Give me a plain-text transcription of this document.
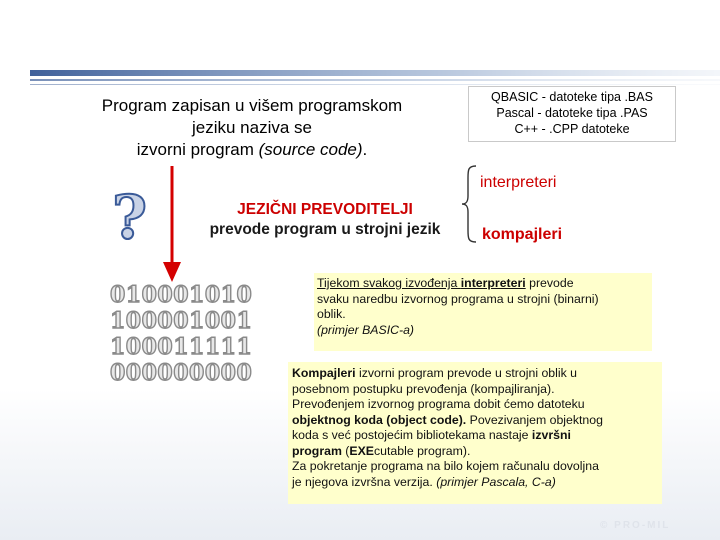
Program zapisan u višem programskom
jeziku naziva se
izvorni program (source code).
QBASIC - datoteke tipa .BAS
Pascal - datoteke tipa .PAS
C++ - .CPP datoteke
interpreteri
kompajleri
JEZIČNI PREVODITELJI
prevode program u strojni jezik
?
010001010
100001001
100011111
000000000
Tijekom svakog izvođenja interpreteri prevode
svaku naredbu izvornog programa u strojni (binarni)
oblik.
(primjer BASIC-a)
Kompajleri izvorni program prevode u strojni oblik u
posebnom postupku prevođenja (kompajliranja).
Prevođenjem izvornog programa dobit ćemo datoteku
objektnog koda (object code). Povezivanjem objektnog
koda s već postojećim bibliotekama nastaje izvršni
program (EXEcutable program).
Za pokretanje programa na bilo kojem računalu dovoljna
je njegova izvršna verzija. (primjer Pascala, C-a)
© PRO-MIL
